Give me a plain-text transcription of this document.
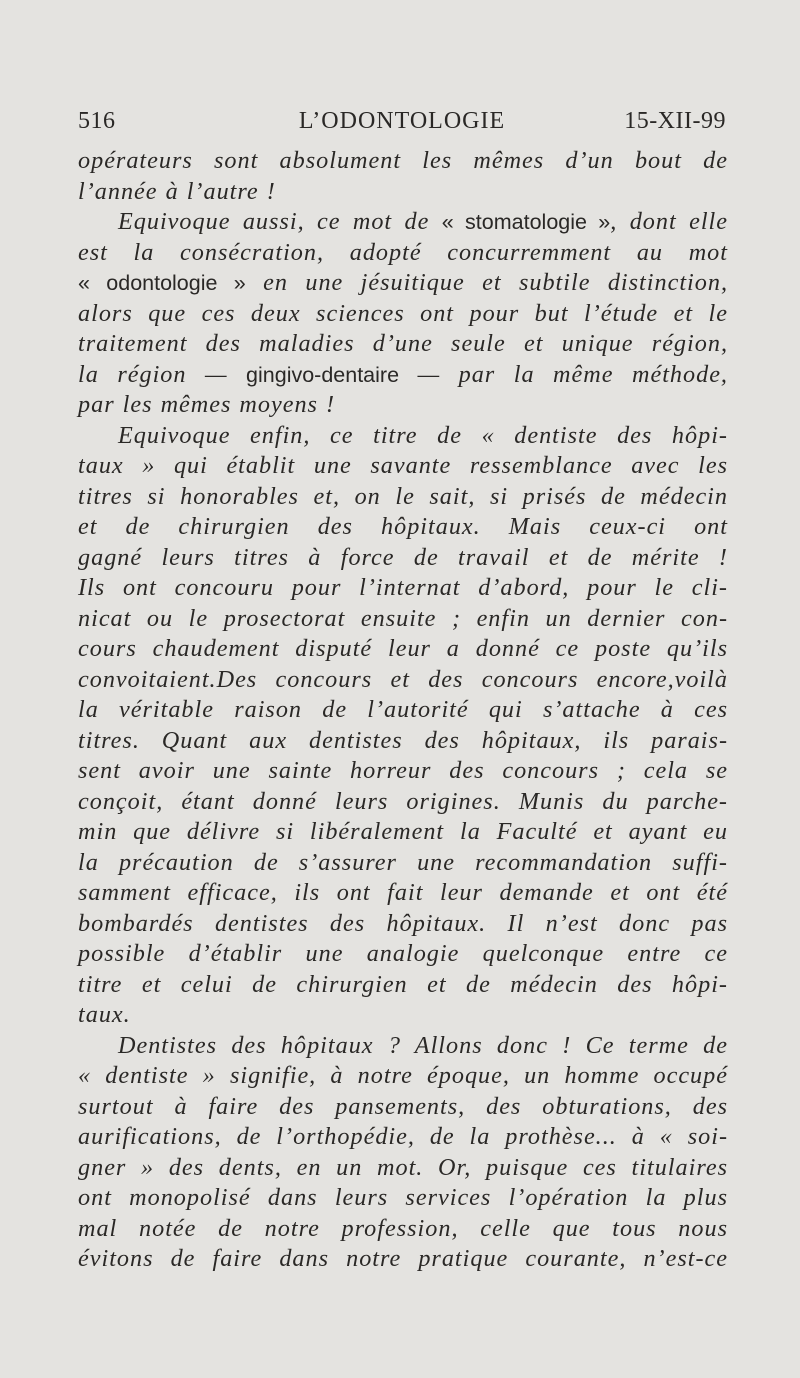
516	L’ODONTOLOGIE	15-XII-99

opérateurs sont absolument les mêmes d’un bout de

l’année à l’autre !

Equivoque aussi, ce mot de « stomatologie », dont elle

est la consécration, adopté concurremment au mot

« odontologie » en une jésuitique et subtile distinction,

alors que ces deux sciences ont pour but l’étude et le

traitement des maladies d’une seule et unique région,

la région — gingivo-dentaire — par la même méthode,

par les mêmes moyens !

Equivoque enfin, ce titre de « dentiste des hôpi-

taux » qui établit une savante ressemblance avec les

titres si honorables et, on le sait, si prisés de médecin

et de chirurgien des hôpitaux. Mais ceux-ci ont

gagné leurs titres à force de travail et de mérite !

Ils ont concouru pour l’internat d’abord, pour le cli-

nicat ou le prosectorat ensuite ; enfin un dernier con-

cours chaudement disputé leur a donné ce poste qu’ils

convoitaient.Des concours et des concours encore,voilà

la véritable raison de l’autorité qui s’attache à ces

titres. Quant aux dentistes des hôpitaux, ils parais-

sent avoir une sainte horreur des concours ; cela se

conçoit, étant donné leurs origines. Munis du parche-

min que délivre si libéralement la Faculté et ayant eu

la précaution de s’assurer une recommandation suffi-

samment efficace, ils ont fait leur demande et ont été

bombardés dentistes des hôpitaux. Il n’est donc pas

possible d’établir une analogie quelconque entre ce

titre et celui de chirurgien et de médecin des hôpi-

taux.

Dentistes des hôpitaux ? Allons donc ! Ce terme de

« dentiste » signifie, à notre époque, un homme occupé

surtout à faire des pansements, des obturations, des

aurifications, de l’orthopédie, de la prothèse... à « soi-

gner » des dents, en un mot. Or, puisque ces titulaires

ont monopolisé dans leurs services l’opération la plus

mal notée de notre profession, celle que tous nous

évitons de faire dans notre pratique courante, n’est-ce
